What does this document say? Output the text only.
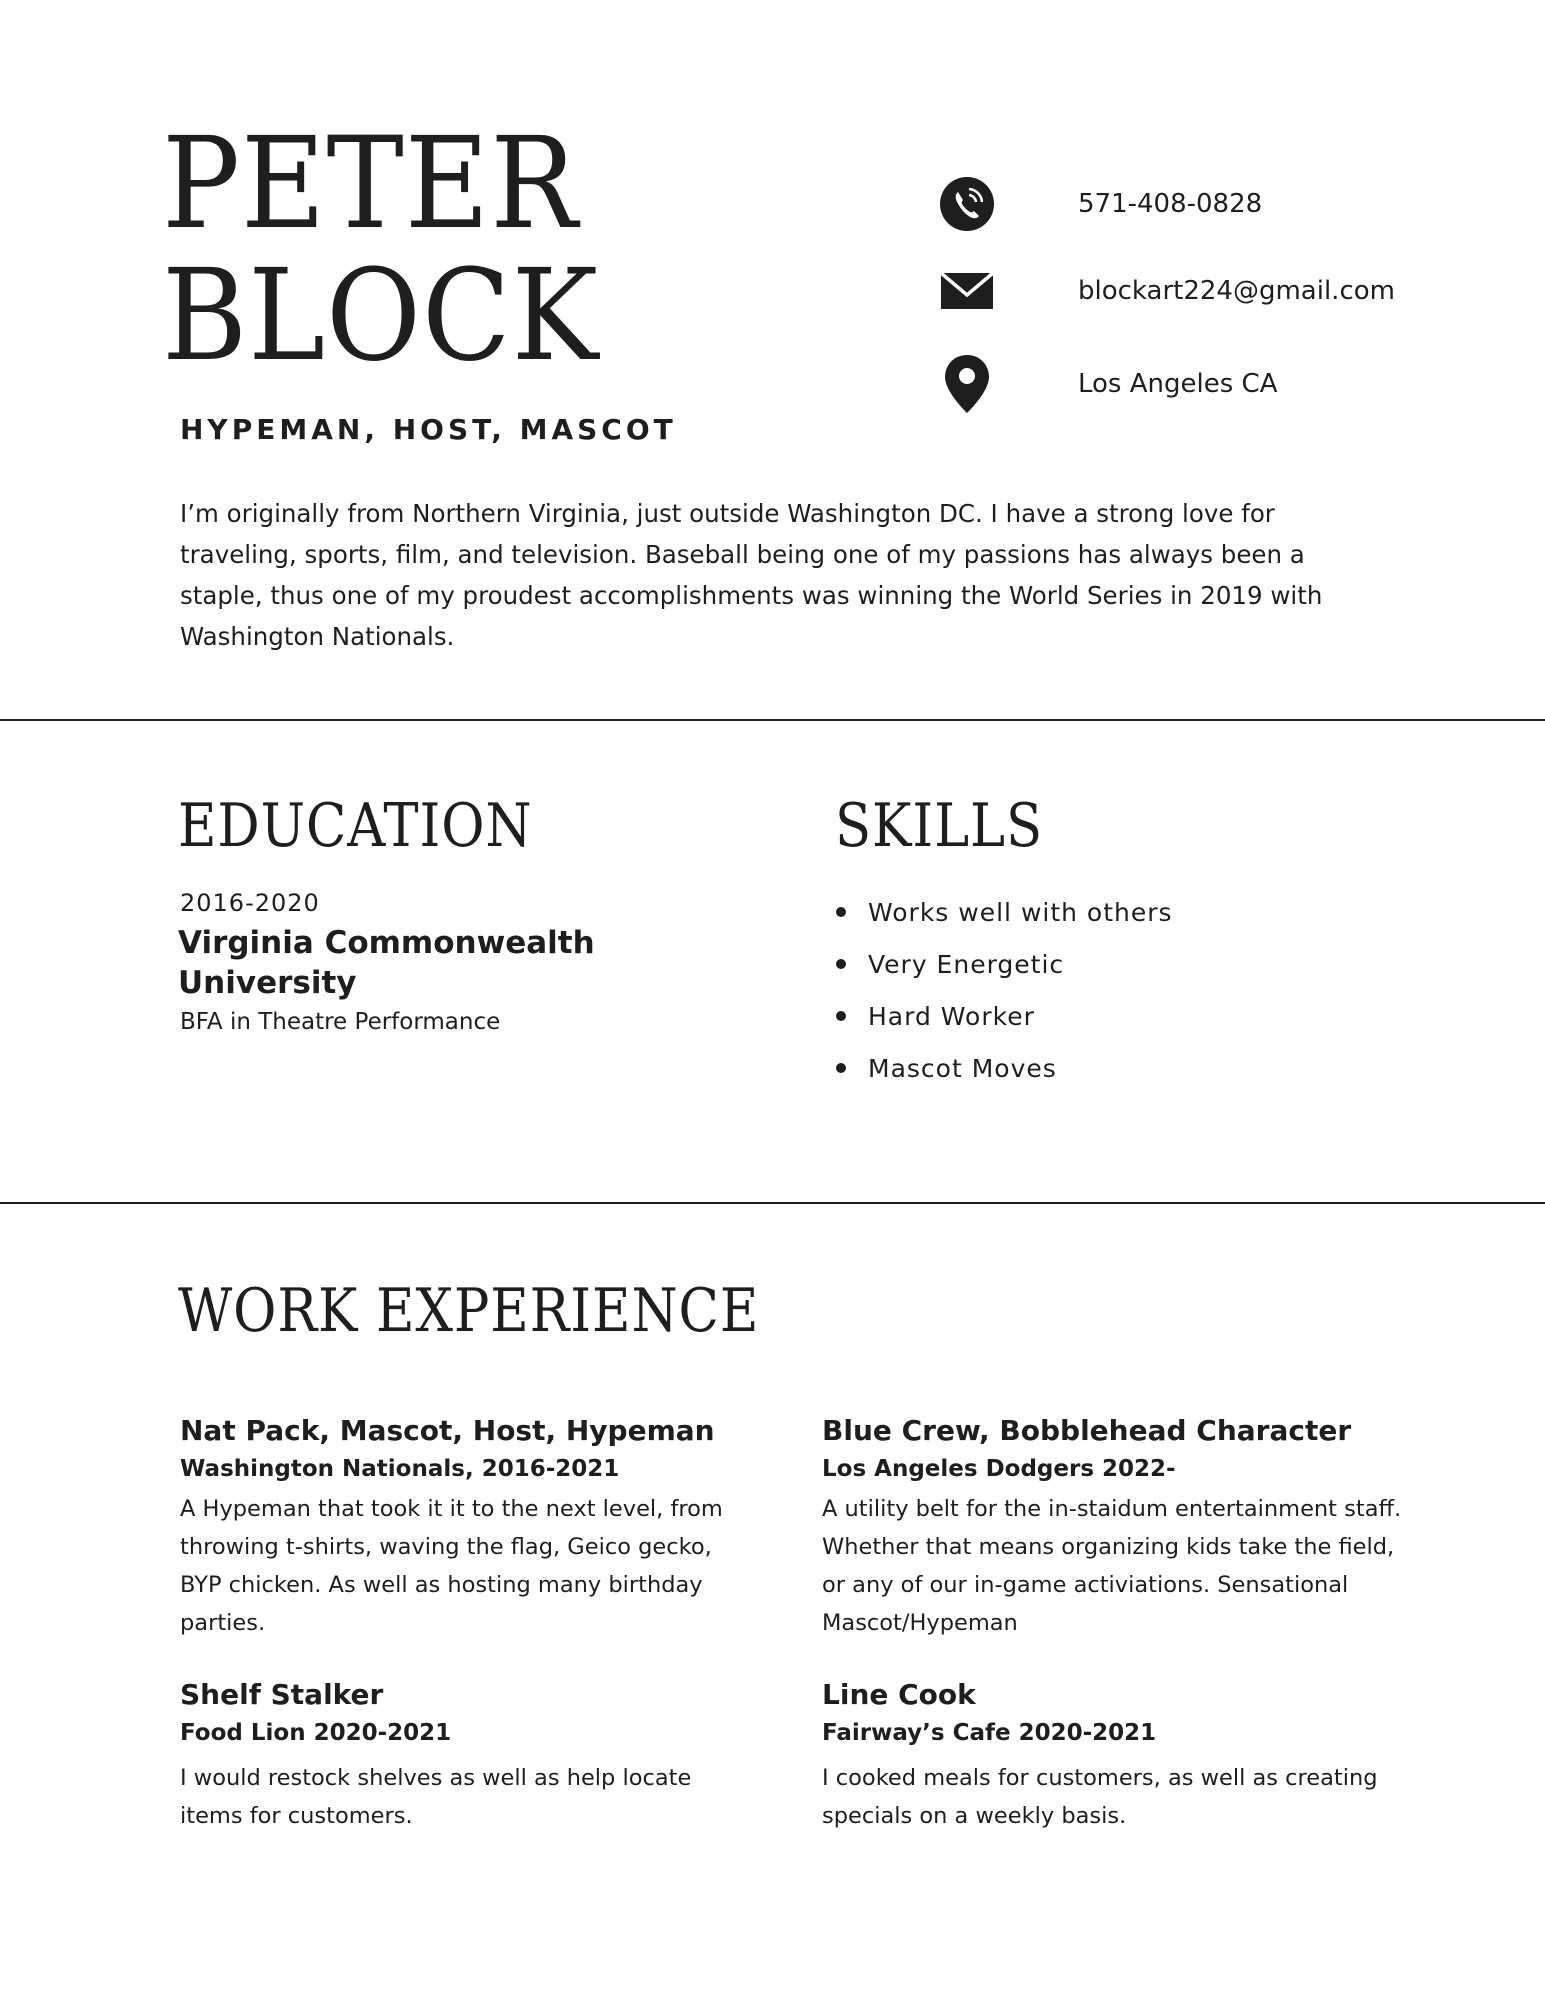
PETER
BLOCK
HYPEMAN, HOST, MASCOT
571-408-0828
blockart224@gmail.com
Los Angeles CA

I’m originally from Northern Virginia, just outside Washington DC. I have a strong love for traveling, sports, film, and television. Baseball being one of my passions has always been a staple, thus one of my proudest accomplishments was winning the World Series in 2019 with Washington Nationals.

EDUCATION
2016-2020
Virginia Commonwealth University
BFA in Theatre Performance
SKILLS
Works well with others
Very Energetic
Hard Worker
Mascot Moves
WORK EXPERIENCE
Nat Pack, Mascot, Host, Hypeman
Washington Nationals, 2016-2021

A Hypeman that took it it to the next level, from throwing t-shirts, waving the flag, Geico gecko, BYP chicken. As well as hosting many birthday parties.

Blue Crew, Bobblehead Character
Los Angeles Dodgers 2022-

A utility belt for the in-staidum entertainment staff. Whether that means organizing kids take the field, or any of our in-game activiations. Sensational Mascot/Hypeman

Shelf Stalker
Food Lion 2020-2021

I would restock shelves as well as help locate items for customers.

Line Cook
Fairway’s Cafe 2020-2021

I cooked meals for customers, as well as creating specials on a weekly basis.
